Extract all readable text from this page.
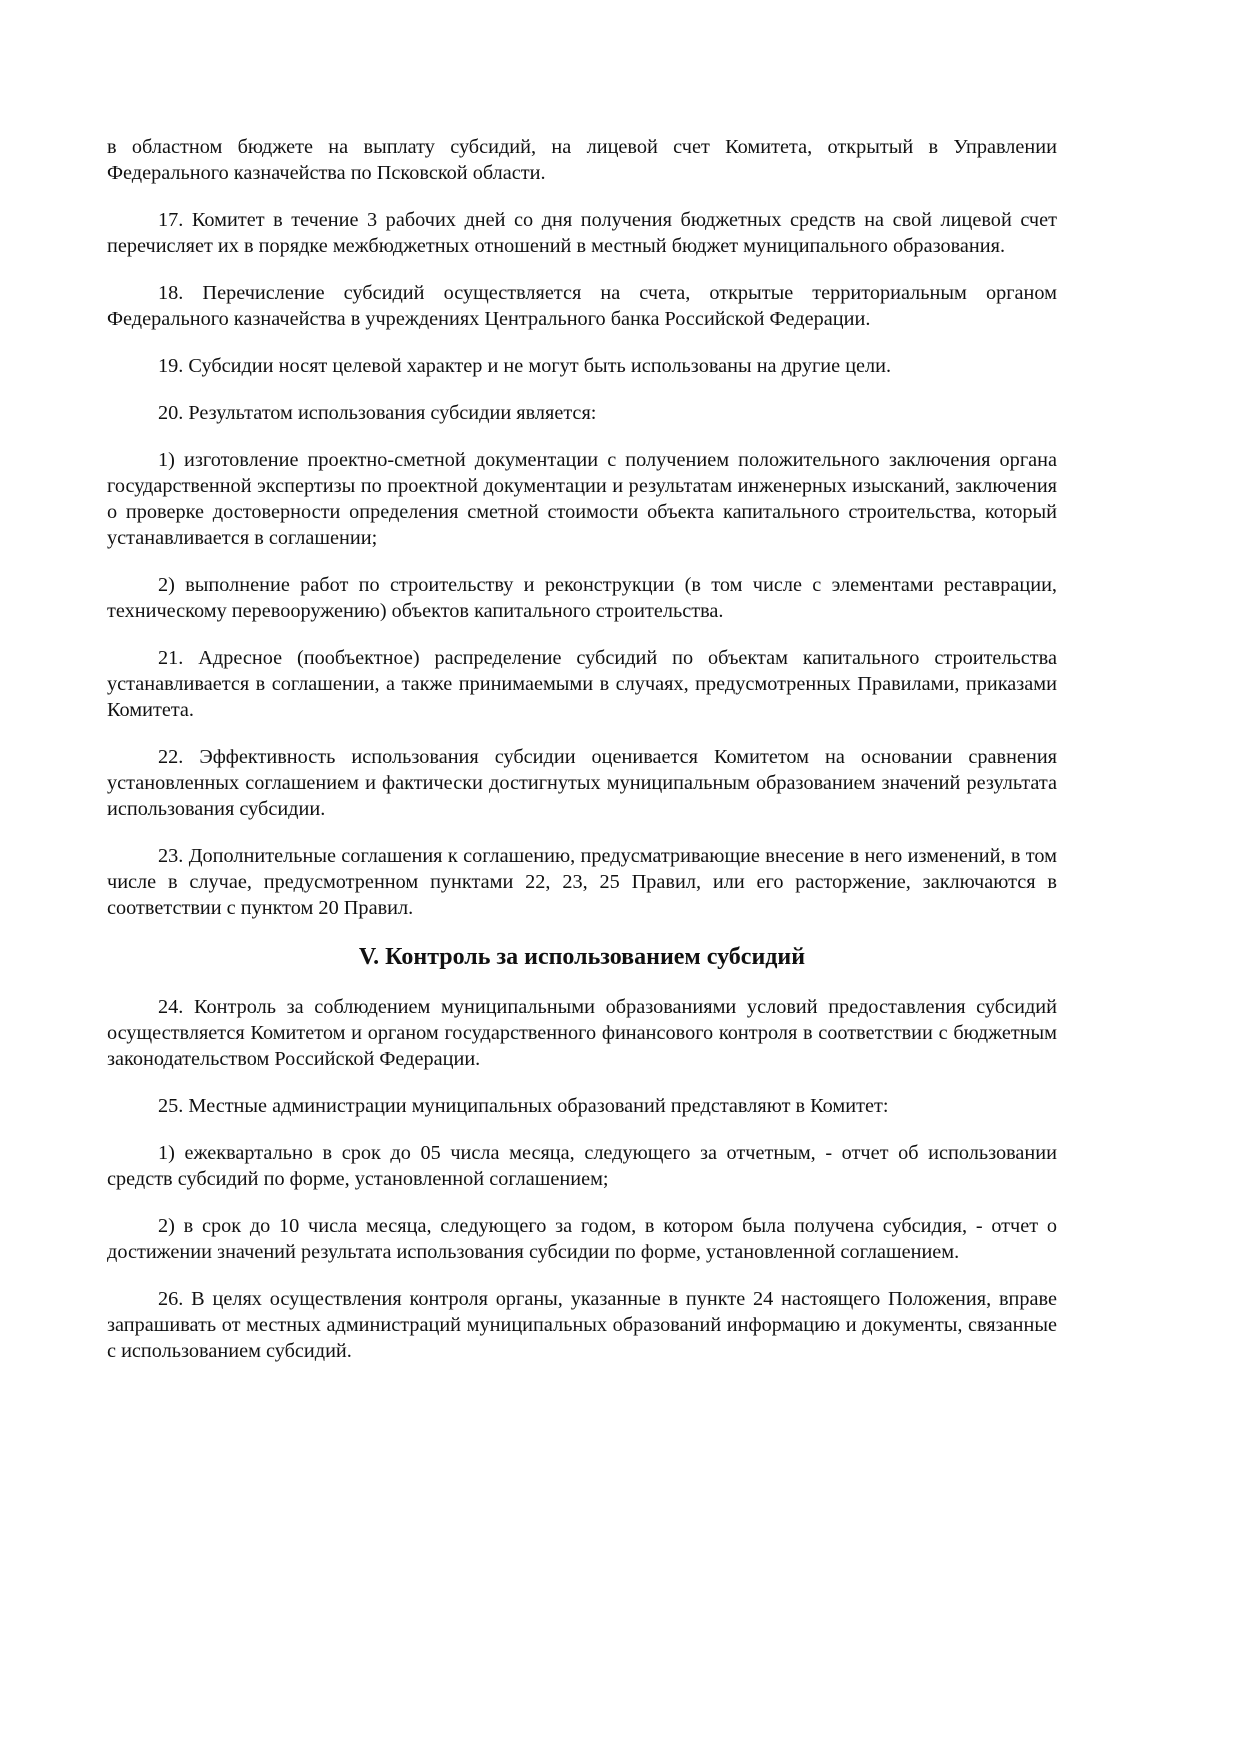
в областном бюджете на выплату субсидий, на лицевой счет Комитета, открытый в Управлении Федерального казначейства по Псковской области.

17. Комитет в течение 3 рабочих дней со дня получения бюджетных средств на свой лицевой счет перечисляет их в порядке межбюджетных отношений в местный бюджет муниципального образования.

18. Перечисление субсидий осуществляется на счета, открытые территориальным органом Федерального казначейства в учреждениях Центрального банка Российской Федерации.

19. Субсидии носят целевой характер и не могут быть использованы на другие цели.

20. Результатом использования субсидии является:

1) изготовление проектно-сметной документации с получением положительного заключения органа государственной экспертизы по проектной документации и результатам инженерных изысканий, заключения о проверке достоверности определения сметной стоимости объекта капитального строительства, который устанавливается в соглашении;

2) выполнение работ по строительству и реконструкции (в том числе с элементами реставрации, техническому перевооружению) объектов капитального строительства.

21. Адресное (пообъектное) распределение субсидий по объектам капитального строительства устанавливается в соглашении, а также принимаемыми в случаях, предусмотренных Правилами, приказами Комитета.

22. Эффективность использования субсидии оценивается Комитетом на основании сравнения установленных соглашением и фактически достигнутых муниципальным образованием значений результата использования субсидии.

23. Дополнительные соглашения к соглашению, предусматривающие внесение в него изменений, в том числе в случае, предусмотренном пунктами 22, 23, 25 Правил, или его расторжение, заключаются в соответствии с пунктом 20 Правил.

V. Контроль за использованием субсидий

24. Контроль за соблюдением муниципальными образованиями условий предоставления субсидий осуществляется Комитетом и органом государственного финансового контроля в соответствии с бюджетным законодательством Российской Федерации.

25. Местные администрации муниципальных образований представляют в Комитет:

1) ежеквартально в срок до 05 числа месяца, следующего за отчетным, - отчет об использовании средств субсидий по форме, установленной соглашением;

2) в срок до 10 числа месяца, следующего за годом, в котором была получена субсидия, - отчет о достижении значений результата использования субсидии по форме, установленной соглашением.

26. В целях осуществления контроля органы, указанные в пункте 24 настоящего Положения, вправе запрашивать от местных администраций муниципальных образований информацию и документы, связанные с использованием субсидий.
